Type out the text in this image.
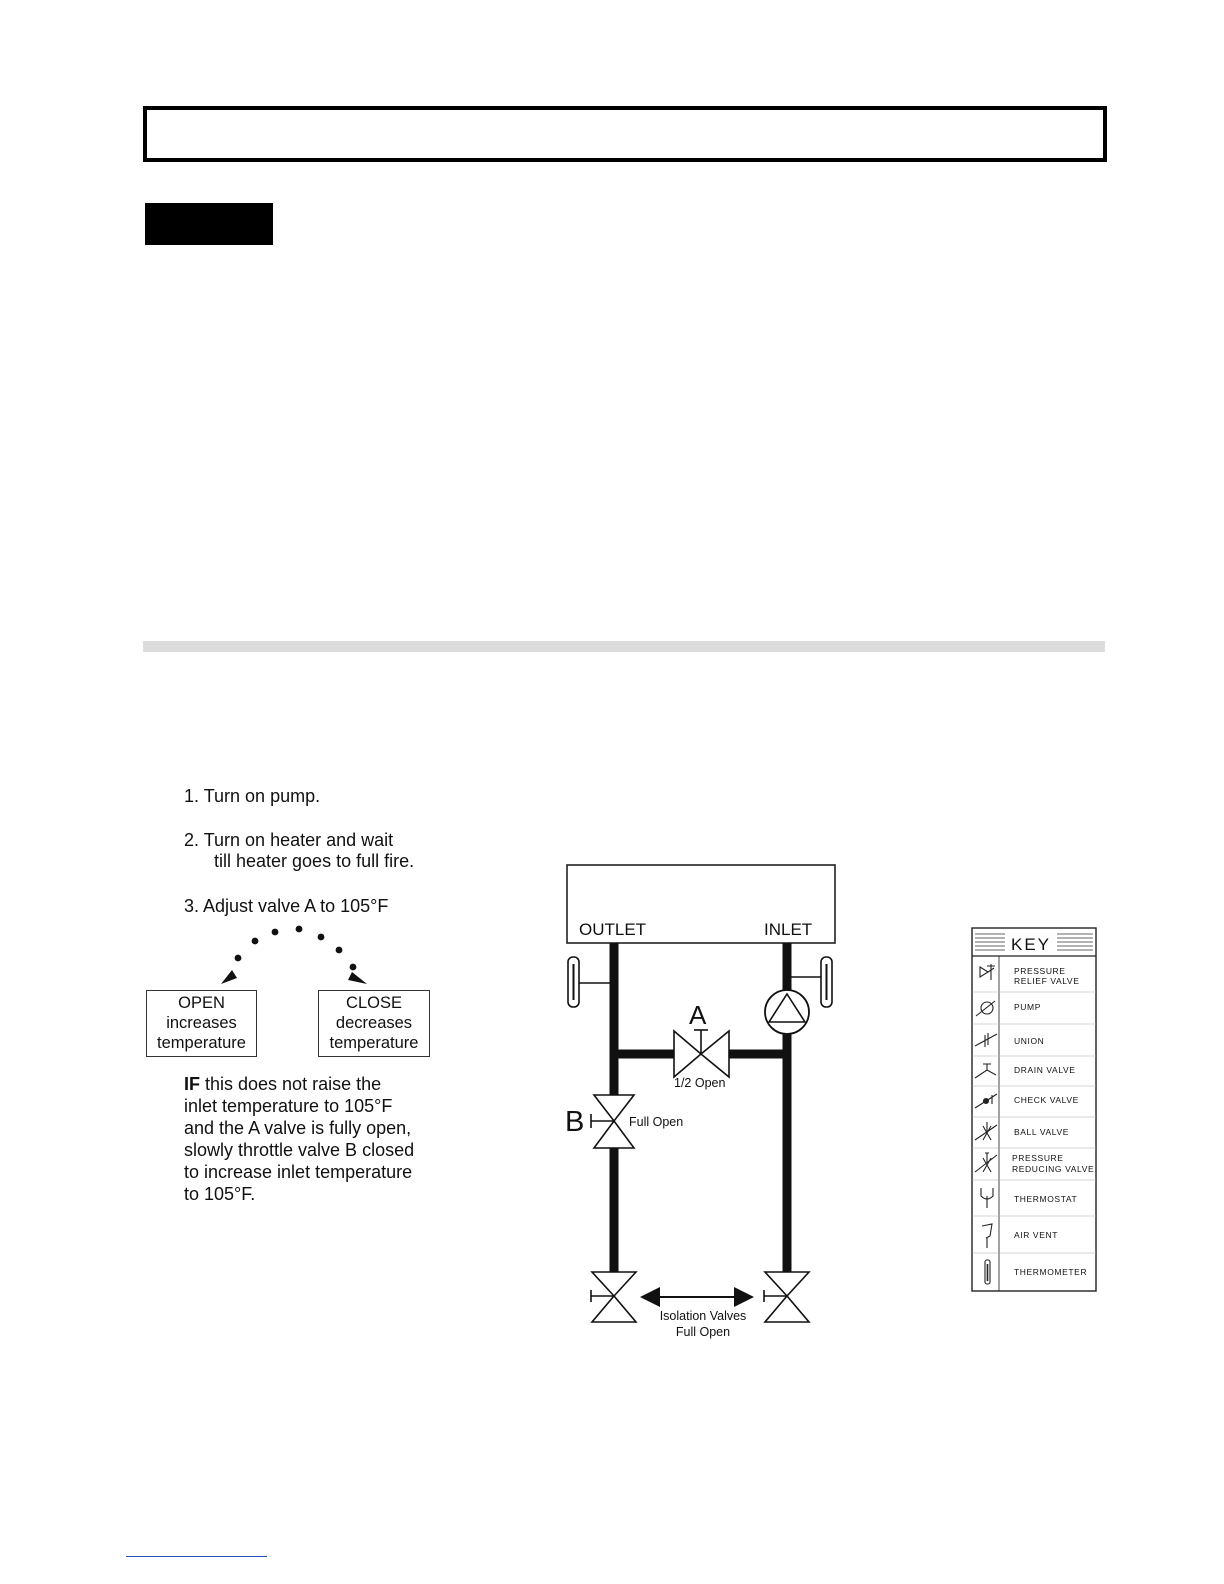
1. Turn on pump.
2. Turn on heater and wait
till heater goes to full fire.
3. Adjust valve A to 105°F
OPEN
increases
temperature
CLOSE
decreases
temperature
IF this does not raise the
inlet temperature to 105°F
and the A valve is fully open,
slowly throttle valve B closed
to increase inlet temperature
to 105°F.
OUTLET	INLET
A
1/2 Open
B	Full Open
Isolation Valves
Full Open
KEY
PRESSURE
RELIEF VALVE
PUMP
UNION
DRAIN VALVE
CHECK VALVE
BALL VALVE
PRESSURE
REDUCING VALVE
THERMOSTAT
AIR VENT
THERMOMETER
